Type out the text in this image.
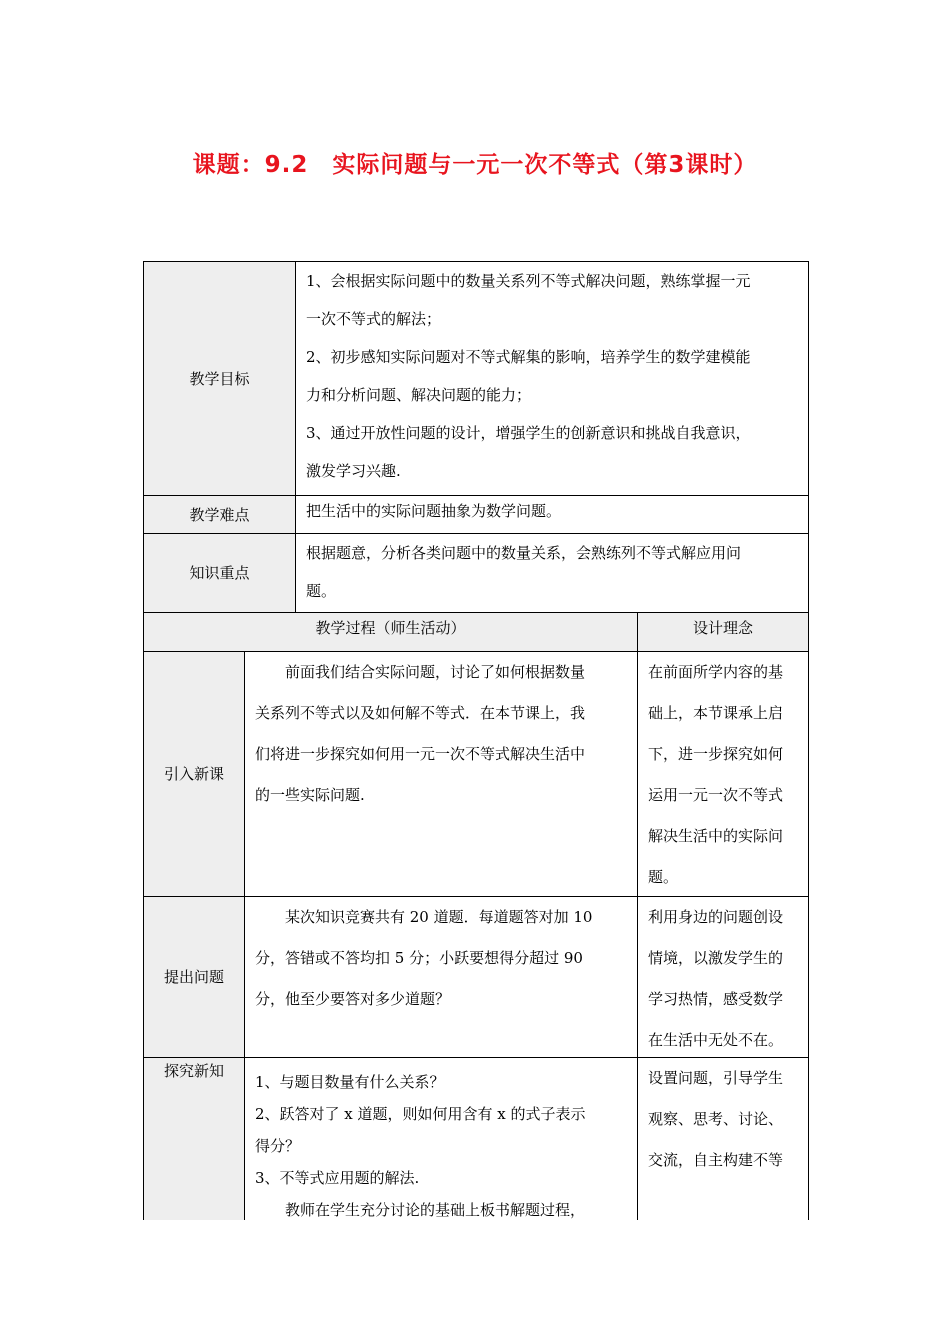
课题：9.2　实际问题与一元一次不等式（第3课时）
教学目标
教学难点
知识重点
教学过程（师生活动）	设计理念
引入新课
提出问题
探究新知

1、会根据实际问题中的数量关系列不等式解决问题，熟练掌握一元

一次不等式的解法；

2、初步感知实际问题对不等式解集的影响，培养学生的数学建模能

力和分析问题、解决问题的能力；

3、通过开放性问题的设计，增强学生的创新意识和挑战自我意识，

激发学习兴趣.

把生活中的实际问题抽象为数学问题。

根据题意，分析各类问题中的数量关系，会熟练列不等式解应用问

题。

前面我们结合实际问题，讨论了如何根据数量

关系列不等式以及如何解不等式．在本节课上，我

们将进一步探究如何用一元一次不等式解决生活中

的一些实际问题.

在前面所学内容的基

础上，本节课承上启

下，进一步探究如何

运用一元一次不等式

解决生活中的实际问

题。

某次知识竞赛共有 20 道题．每道题答对加 10

分，答错或不答均扣 5 分；小跃要想得分超过 90

分，他至少要答对多少道题？

利用身边的问题创设

情境，以激发学生的

学习热情，感受数学

在生活中无处不在。

1、与题目数量有什么关系？

2、跃答对了 x 道题，则如何用含有 x 的式子表示

得分？

3、不等式应用题的解法.

教师在学生充分讨论的基础上板书解题过程，

设置问题，引导学生

观察、思考、讨论、

交流，自主构建不等
